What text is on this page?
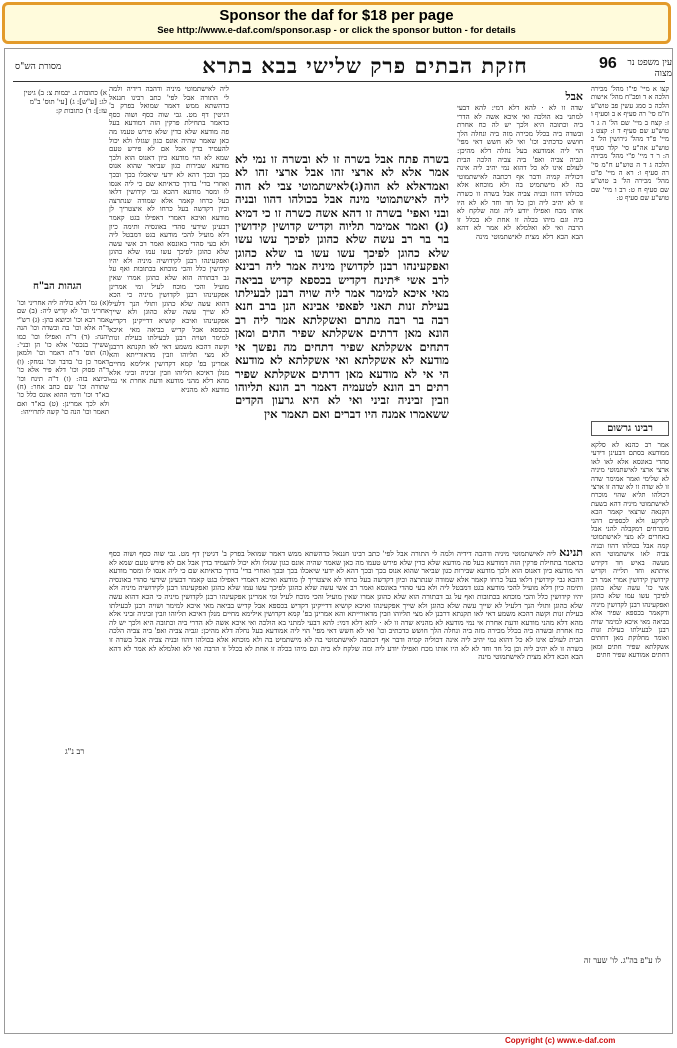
Sponsor the daf for $18 per page
See http://www.e-daf.com/sponsor.asp - or click the sponsor button - for details
מסורת הש"ס	חזקת הבתים פרק שלישי בבא בתרא	96	עין משפט נר מצוה
א) כתובות ג. יבמות צ: ב) גיטין לג: [ע"ש]: ג) [עי' תוס' ב"מ עז:]: ד) כתובות ק:
הגהות הב"ח
(א) גמ' דלא כוליה ליה אחריני וכו' אחריני וכו' לא קדיש ליה: (ב) שם אמר רבא וכו' וכיוצא בהן: (ג) רש"י ד"ה אלא וכו' בה ובשדה וכו' הנה יהנה: (ד) ד"ה ואפילו וכו' כמו ששייך בנכסי' אלא כו' הן ובני': (ה) תוס' ד"ה דאמר וכו' ולמאן דאמר כן כו' בדבר וכו' נמחק: (ו) ד"ה פסוק וכו' דלא פיר אלא כו' וכיוצא בזה: (ז) ד"ה תינח וכו' שתורה וכו' שם כתב אחר: (ח) בא"ד וכו' ודמי ההוא אונס כלל כו' ולא לכך אמרינן: (ט) בא"ד ואם תאמר וכו' הנה כו' קשה לתרוייהו:
ליה לאישתמוטי מיניה ודהבה דידיה ולמה לי התורה אבל לפי' כתב רבינו חננאל כדהשתא ממש דאמר שמואל בפרק ב' דגיטין דף מט. גבי שוה כסף ושוה כסף כדאמר בתחילת פרקין הזה דמודעא בעל פה מודעא שלא כדין שלא פירש טעמו מה כאן שאמר שהיה אונס כגון שגזלו ולא יכול להעמיד בדין אבל אם לא פירש טעם שמא לא הוי מודעא כיון דאנוס הוא ולכך מודעא שבירות כגון שביאר שהוא אנוס בכך ובכך דהא לא ידעי שיאכלו בכך ובכך ואחרי בדי' בדרך כדאיתא שם כי ליה אנסו לו ומסר מודעא דהכא גבי קידושין דלאו בעל כרחו קאמר אלא שמודה שנתרצה וכיון דקדשה בעל כרחו לא איצטריך לן מודעא ואיכא דאמרי דאפילו בגט קאמר דבעינן שידעי סהדי באונסיה ותימה כיון דלא מועיל להכי מודעא בגט דמבטל ליה ולא בעי סהדי באונסא ואמר רב אשי עשה שלא כהוגן לפיכך עשו עמו שלא כהוגן ואפקעינהו רבנן לקידושיה מיניה ולא יהיו קידושין כלל והכי מוכחא בכתובות ואף על גב דבתורה הוא שלא כהוגן אמרו שאין מועיל והכי מוכח לעיל ומי אמרינן אפקעינהו רבנן לקדושין מיניה כי הכא דהוא עשה שלא כהוגן ותולי הנך דלעיל לא שייך עשה שלא כהוגן ולא שייך אפקעינהו ואיכא קושיא דדייקינן דקדיש בכספא אבל קדיש בביאה מאי איכא למימר ושויה רבנן לבעילתו בעילת זנות וקשה דהכא משמע דאי לאו תקנתא דרבנן לא מצי תליוהו וזבין מדאורייתא והא אמרינן בפ' קמא דקדושין אילימא מחיים מנלן דאיכא תליוהו וזבין זביניה זביני אלא מהא דלא מהני מודעא ודעת אחרת אי נמי מודעא לא מהניא
בשרה פתח אבל בשרה זו לא ובשרה זו נמי לא אמר אלא לא ארצי זהו אבל ארצי זהו לא ואמדאלא לא הוה(ג)לאישתמוטי צבי לא הוה ליה לאישתמוטי מינה אבל בכולהו דהוו ובניה ובני ואפי' בשרה זו דהא אשה כשרה זו כי דמיא (ג) ואמר אמימר תליוה וקדיש קדושין קידושין בר בר רב עשה שלא כהוגן לפיכך עשו עשו שלא כהוגן לפיכך עשו עשו בו שלא כהוגן ואפקעינהו רבנן לקדושין מיניה אמר ליה רבינא לרב אשי *תינח דקדיש בכספא קדיש בביאה מאי איכא למימר אמר ליה שויה רבנן לבעילתו בעילת זנות תאני לפאפי אבינא הנן ברב חנא רבה בר רבה מתרם ואשקלתא אמר ליה רב הונא מאן דרתים אשקלתא שפיר התים ומאן דתחים אשקלתא שפיר דתחים מה נפשך אי מודעא לא אשקלתא ואי אשקלתא לא מודעא הי אי לא מודעא מאן דרתים אשקלתא שפיר רתים רב הונא לטעמיה דאמר רב הונא תליוהו וזבין זביניה זביני ואי לא היא גרעון הקדים ששאמרו אמנה היו דברים ואם תאמר אין
אבל
שדה זו לא · להא דלא דמי: להא דבעי למתני בא הולכה ואי איכא אשה לא הדרי ביה וכתובה היא ולכך יש לה כח אחרת ובשדה ביה בכלל מכירה מזה ביה ונחלה הלך חושש כדכתיב וכו' ואי לא חשש דאי מפי' הוי ליה אמודעא בעל נחלה דלא מהיכן: וגביה צביה ואפ' ביה צביה הלכה הבית לעולם אינו לא כל דהוא נמי יהיב ליה אינה דכוליה קמיה ודבר אף דכתבה לאישתמוטי בה לא מישתמיט בה ולא מוכחא אלא בכולהו דהוו ובניה צביה אבל בשרה זו כשרה זו לא יהיב ליה וכן כל חד וחד לא לא היו אותו מכח ואפילו יודע ליה ומה שלקח לא ביה וגם מיהו בכלה זו אחת לא בכלל זו הרבה ואי לא ואלמלא לא אמר לא דהא הבא הכא דלא מצית לאישתמוטי מינה
תנינא ליה לאישתמוטי מיניה ודהבה דידיה ולמה לי התורה אבל לפי' כתב רבינו חננאל כדהשתא ממש דאמר שמואל בפרק ב' דגיטין דף מט. גבי שוה כסף ושוה כסף כדאמר בתחילת פרקין הזה דמודעא בעל פה מודעא שלא כדין שלא פירש טעמו מה כאן שאמר שהיה אונס כגון שגזלו ולא יכול להעמיד בדין אבל אם לא פירש טעם שמא לא הוי מודעא כיון דאנוס הוא ולכך מודעא שבירות כגון שביאר שהוא אנוס בכך ובכך דהא לא ידעי שיאכלו בכך ובכך ואחרי בדי' בדרך כדאיתא שם כי ליה אנסו לו ומסר מודעא דהכא גבי קידושין דלאו בעל כרחו קאמר אלא שמודה שנתרצה וכיון דקדשה בעל כרחו לא איצטריך לן מודעא ואיכא דאמרי דאפילו בגט קאמר דבעינן שידעי סהדי באונסיה ותימה כיון דלא מועיל להכי מודעא בגט דמבטל ליה ולא בעי סהדי באונסא ואמר רב אשי עשה שלא כהוגן לפיכך עשו עמו שלא כהוגן ואפקעינהו רבנן לקידושיה מיניה ולא יהיו קידושין כלל והכי מוכחא בכתובות ואף על גב דבתורה הוא שלא כהוגן אמרו שאין מועיל והכי מוכח לעיל ומי אמרינן אפקעינהו רבנן לקדושין מיניה כי הכא דהוא עשה שלא כהוגן ותולי הנך דלעיל לא שייך עשה שלא כהוגן ולא שייך אפקעינהו ואיכא קושיא דדייקינן דקדיש בכספא אבל קדיש בביאה מאי איכא למימר ושויה רבנן לבעילתו בעילת זנות וקשה דהכא משמע דאי לאו תקנתא דרבנן לא מצי תליוהו וזבין מדאורייתא והא אמרינן בפ' קמא דקדושין אילימא מחיים מנלן דאיכא תליוהו וזבין זביניה זביני אלא מהא דלא מהני מודעא ודעת אחרת אי נמי מודעא לא מהניא שדה זו לא · להא דלא דמי: להא דבעי למתני בא הולכה ואי איכא אשה לא הדרי ביה וכתובה היא ולכך יש לה כח אחרת ובשדה ביה בכלל מכירה מזה ביה ונחלה הלך חושש כדכתיב וכו' ואי לא חשש דאי מפי' הוי ליה אמודעא בעל נחלה דלא מהיכן: וגביה צביה ואפ' ביה צביה הלכה הבית לעולם אינו לא כל דהוא נמי יהיב ליה אינה דכוליה קמיה ודבר אף דכתבה לאישתמוטי בה לא מישתמיט בה ולא מוכחא אלא בכולהו דהוו ובניה צביה אבל בשרה זו כשרה זו לא יהיב ליה וכן כל חד וחד לא לא היו אותו מכח ואפילו יודע ליה ומה שלקח לא ביה וגם מיהו בכלה זו אחת לא בכלל זו הרבה ואי לא ואלמלא לא אמר לא דהא הבא הכא דלא מצית לאישתמוטי מינה
קצו א מיי' פי"ו מהל' מכירה הלכה א ד ופכ"ח מהל' אישות הלכה ב סמג עשין פב טוש"ע ח"מ סי' רה סעיף א ב וסעיף ו ז: קצח ב מיי' שם הל' ה ג ד טוש"ע שם סעיף ד ז: קצט ג מיי' פ"ד מהל' גירושין הל' כ טוש"ע אה"ע סי' קלד סעיף ה: ר ד מיי' פ"י מהל' מכירה הלכה ג ד ה טוש"ע ח"מ סי' רה סעיף ו: רא ה מיי' פ"ט מהל' מכירה הל' ב טוש"ע שם סעיף ח ט: רב ו מיי' שם טוש"ע שם סעיף ט:
רבינו גרשום
אמר רב כהנא לא סלקא ממודעא בסתם דבעינן דידעי סהדי באונסא אלא לאו לאו ארצי ארצי לאישתמוטי מיניה לא שלימי ואמר אמימר שדה זו לא שדה זו לא שדה זו ארצי דכולהו תליא שהוי מוכרח לאישתמוטי מיניה דהא בשעת הקנאה שרצאי קאמר הכא לקרקע ולא לכספים דהני מוכרחים דמקבלה להני אבל באחרים לא מצי לאישתמוטי קמה אבל בכולהו דהוו ובניה צביה לאו אישתמוטי הוא מעשה באיש חד דקידש איתתא וחד תלייה וקדיש קידושין קידושין אמרי אמר רב אשי כו' עשה שלא כהוגן לפיכך עשו עמו שלא כהוגן ואפקעינהו רבנן לקדושין מיניה ודקאמר בכספא שפיר אלא בביאה מאי איכא למימר שויה רבנן לבעילתו בעילת זנות ואומר מחלוקת מאן דחתים אשקלתא שפיר חתים ומאן דחתים אמודעא שפיר חתים
רב נ"ג
לו ע"פ בה"ג. לו' שער זה
Copyright (c) www.e-daf.com
